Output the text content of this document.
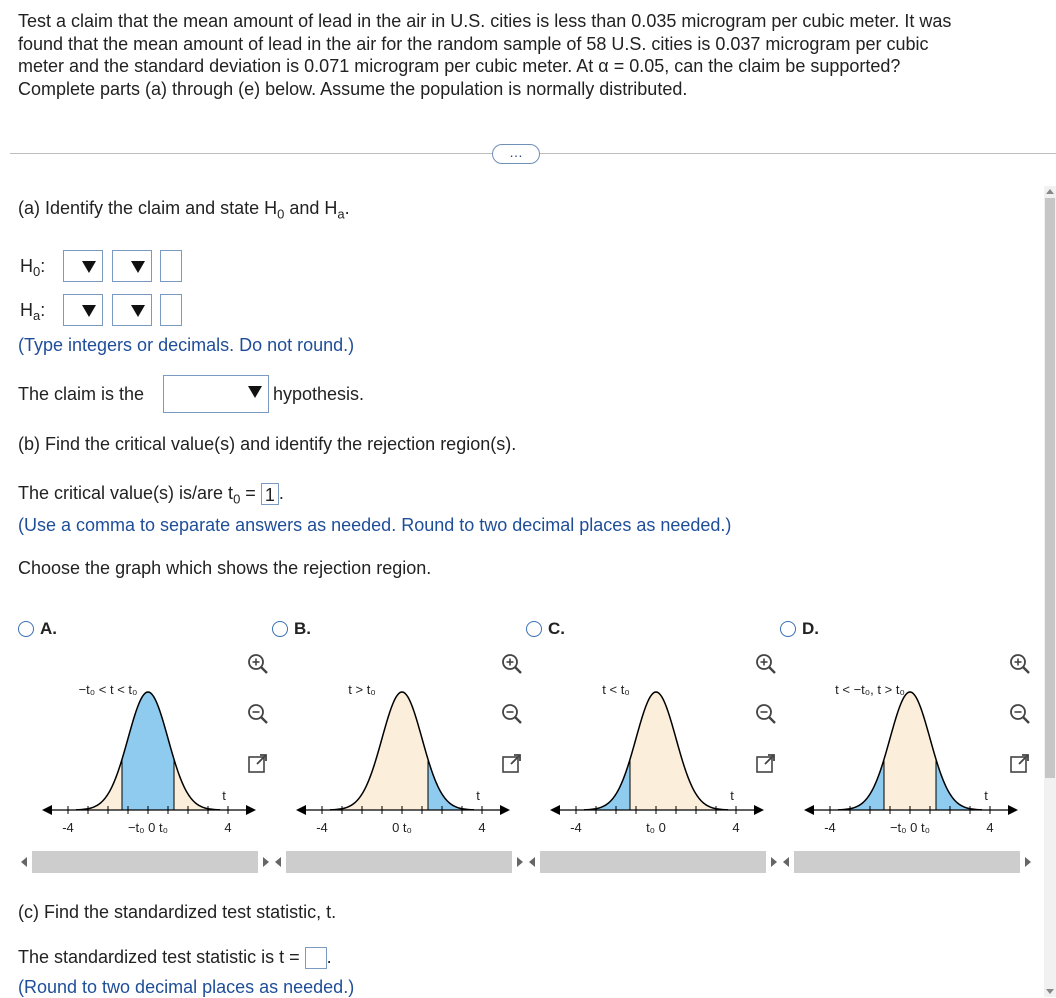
Test a claim that the mean amount of lead in the air in U.S. cities is less than 0.035 microgram per cubic meter. It was
found that the mean amount of lead in the air for the random sample of 58 U.S. cities is 0.037 microgram per cubic
meter and the standard deviation is 0.071 microgram per cubic meter. At α = 0.05, can the claim be supported?
Complete parts (a) through (e) below. Assume the population is normally distributed.
…
(a) Identify the claim and state $H_0$ and $H_a$.
$H_0$:
$H_a$:
(Type integers or decimals. Do not round.)
The claim is the	hypothesis.
(b) Find the critical value(s) and identify the rejection region(s).
The critical value(s) is/are $t_0 = 1$ .
(Use a comma to separate answers as needed. Round to two decimal places as needed.)
Choose the graph which shows the rejection region.
A.
-4	4
t
−t₀ 0 t₀
−t₀ < t < t₀
B.
-4	4
t
0 t₀
t > t₀
C.
-4	4
t
t₀ 0
t < t₀
D.
-4	4
t
−t₀ 0 t₀
t < −t₀, t > t₀
(c) Find the standardized test statistic, t.
The standardized test statistic is t = .
(Round to two decimal places as needed.)
